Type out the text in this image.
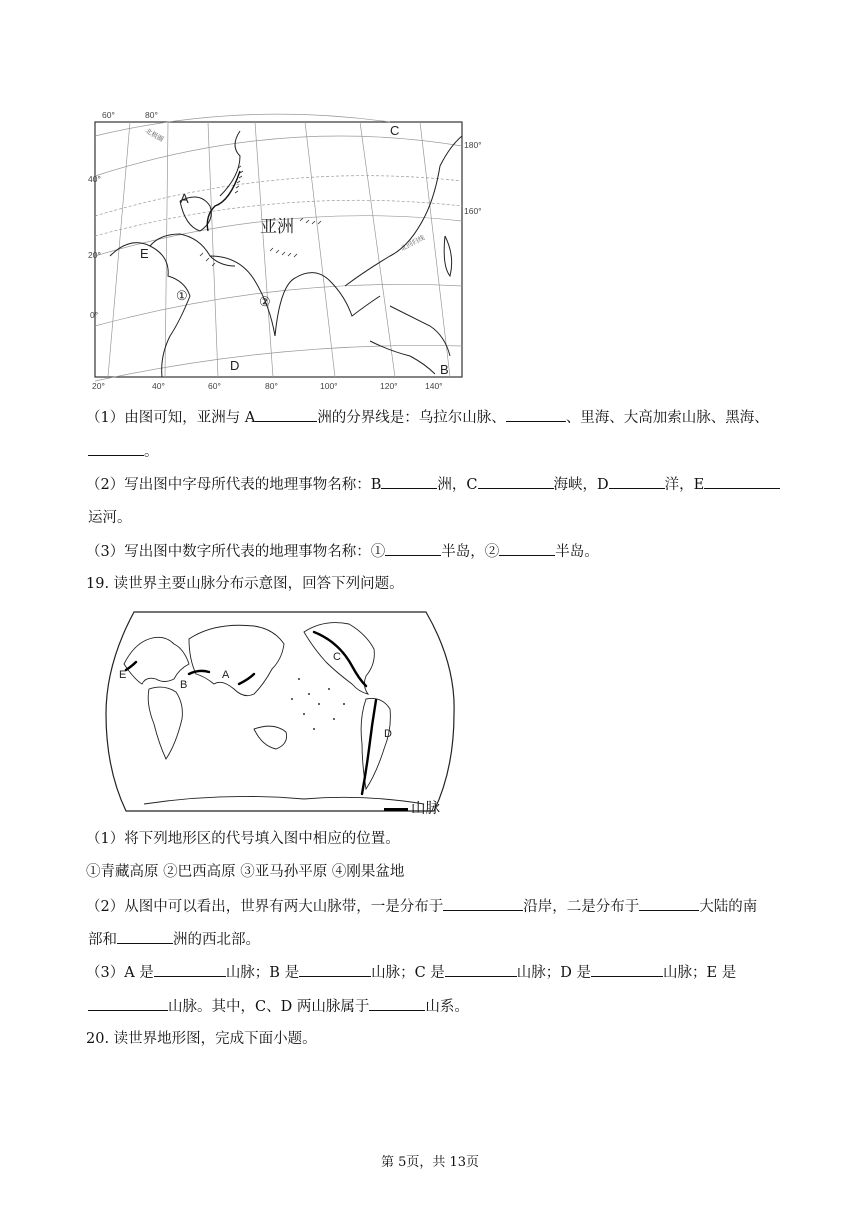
20°	40°	60°	80°	100°	120°	140°
60°	80°
40°
20°
0°
180°
160°
北回归线
北极圈
A
B
C
D
E
①	②
亚洲
（1）由图可知，亚洲与 A	洲的分界线是：乌拉尔山脉、	、里海、大高加索山脉、黑海、
。
（2）写出图中字母所代表的地理事物名称：B	洲，C	海峡，D	洋，E
运河。
（3）写出图中数字所代表的地理事物名称：①	半岛，②	半岛。
19. 读世界主要山脉分布示意图，回答下列问题。
A
B
C
D
E
山脉
（1）将下列地形区的代号填入图中相应的位置。
①青藏高原 ②巴西高原 ③亚马孙平原 ④刚果盆地
（2）从图中可以看出，世界有两大山脉带，一是分布于	沿岸，二是分布于	大陆的南
部和	洲的西北部。
（3）A 是	山脉；B 是	山脉；C 是	山脉；D 是	山脉；E 是
山脉。其中，C、D 两山脉属于	山系。
20. 读世界地形图，完成下面小题。
第 5页，共 13页
